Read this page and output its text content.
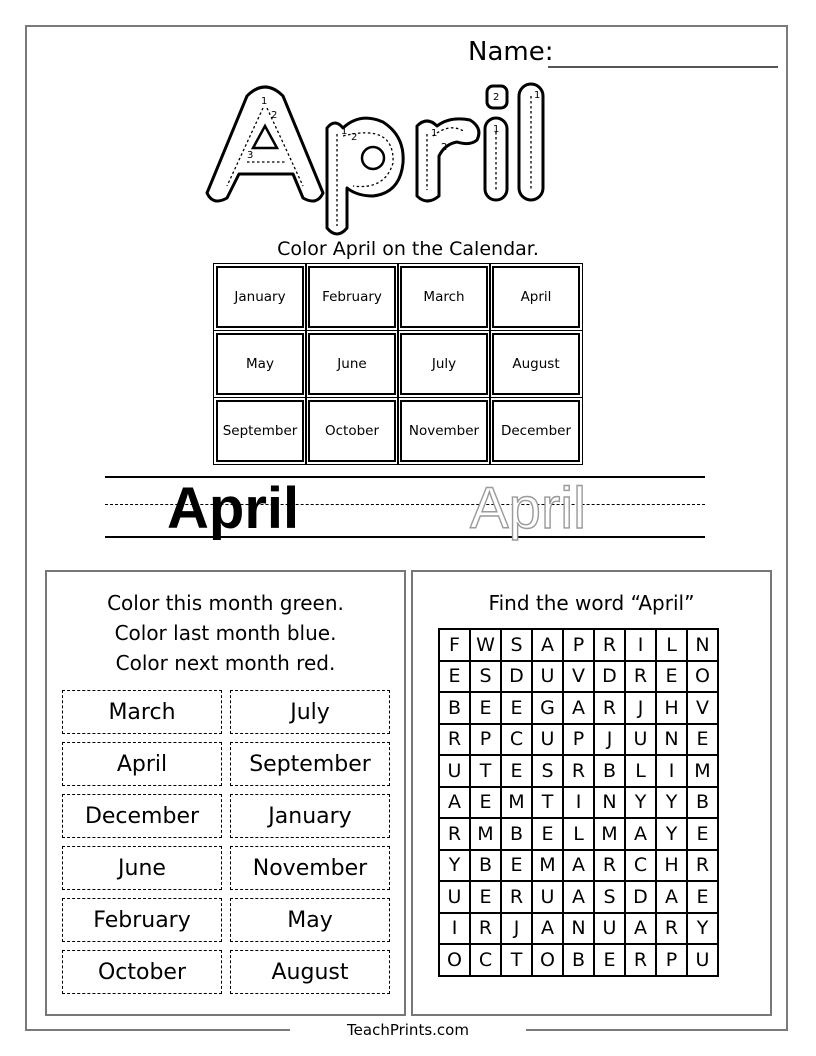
Name:
1
2
3
1
2	1
2
2
1
1
Color April on the Calendar.
January	February	March	April
May	June	July	August
September	October	November	December
April	April
Color this month green.
Color last month blue.
Color next month red.
March	July
April	September
December	January
June	November
February	May
October	August
Find the word “April”
F W S A P R	I	L N
E S D U V D R E O
B E E G A R	J	H V
R P C U P	J	U N E
U T	E S R B	L	I	M
A E M T	I	N Y	Y B
R M B E	L M A Y	E
Y B E M A R C H R
U E R U A S D A E
I	R	J	A N U A R Y
O C T O B E R P U
TeachPrints.com
